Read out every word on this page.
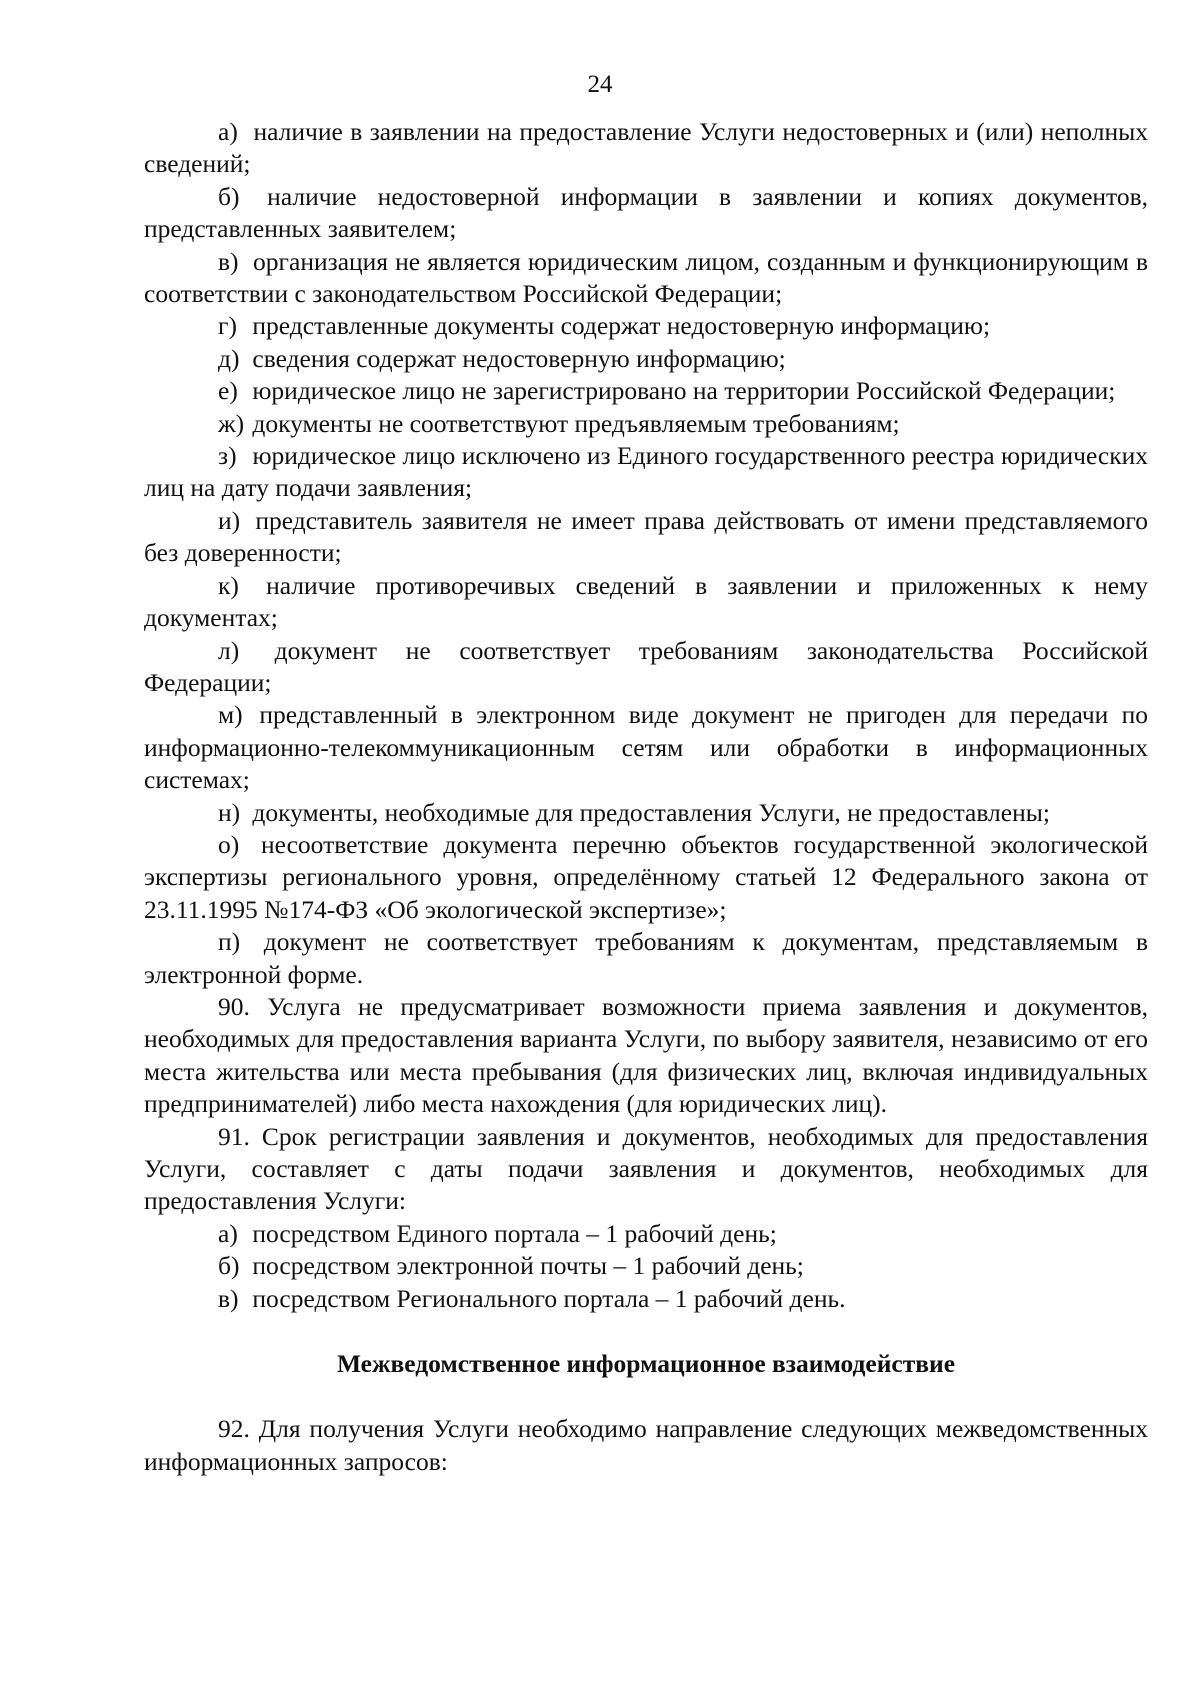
24

а) наличие в заявлении на предоставление Услуги недостоверных и (или) неполных сведений;

б) наличие недостоверной информации в заявлении и копиях документов, представленных заявителем;

в) организация не является юридическим лицом, созданным и функционирующим в соответствии с законодательством Российской Федерации;

г) представленные документы содержат недостоверную информацию;

д) сведения содержат недостоверную информацию;

е) юридическое лицо не зарегистрировано на территории Российской Федерации;

ж) документы не соответствуют предъявляемым требованиям;

з) юридическое лицо исключено из Единого государственного реестра юридических лиц на дату подачи заявления;

и) представитель заявителя не имеет права действовать от имени представляемого без доверенности;

к) наличие противоречивых сведений в заявлении и приложенных к нему документах;

л) документ не соответствует требованиям законодательства Российской Федерации;

м) представленный в электронном виде документ не пригоден для передачи по информационно-телекоммуникационным сетям или обработки в информационных системах;

н) документы, необходимые для предоставления Услуги, не предоставлены;

о) несоответствие документа перечню объектов государственной экологической экспертизы регионального уровня, определённому статьей 12 Федерального закона от 23.11.1995 №174-ФЗ «Об экологической экспертизе»;

п) документ не соответствует требованиям к документам, представляемым в электронной форме.

90. Услуга не предусматривает возможности приема заявления и документов, необходимых для предоставления варианта Услуги, по выбору заявителя, независимо от его места жительства или места пребывания (для физических лиц, включая индивидуальных предпринимателей) либо места нахождения (для юридических лиц).

91. Срок регистрации заявления и документов, необходимых для предоставления Услуги, составляет с даты подачи заявления и документов, необходимых для предоставления Услуги:

а) посредством Единого портала – 1 рабочий день;

б) посредством электронной почты – 1 рабочий день;

в) посредством Регионального портала – 1 рабочий день.

Межведомственное информационное взаимодействие

92. Для получения Услуги необходимо направление следующих межведомственных информационных запросов:
